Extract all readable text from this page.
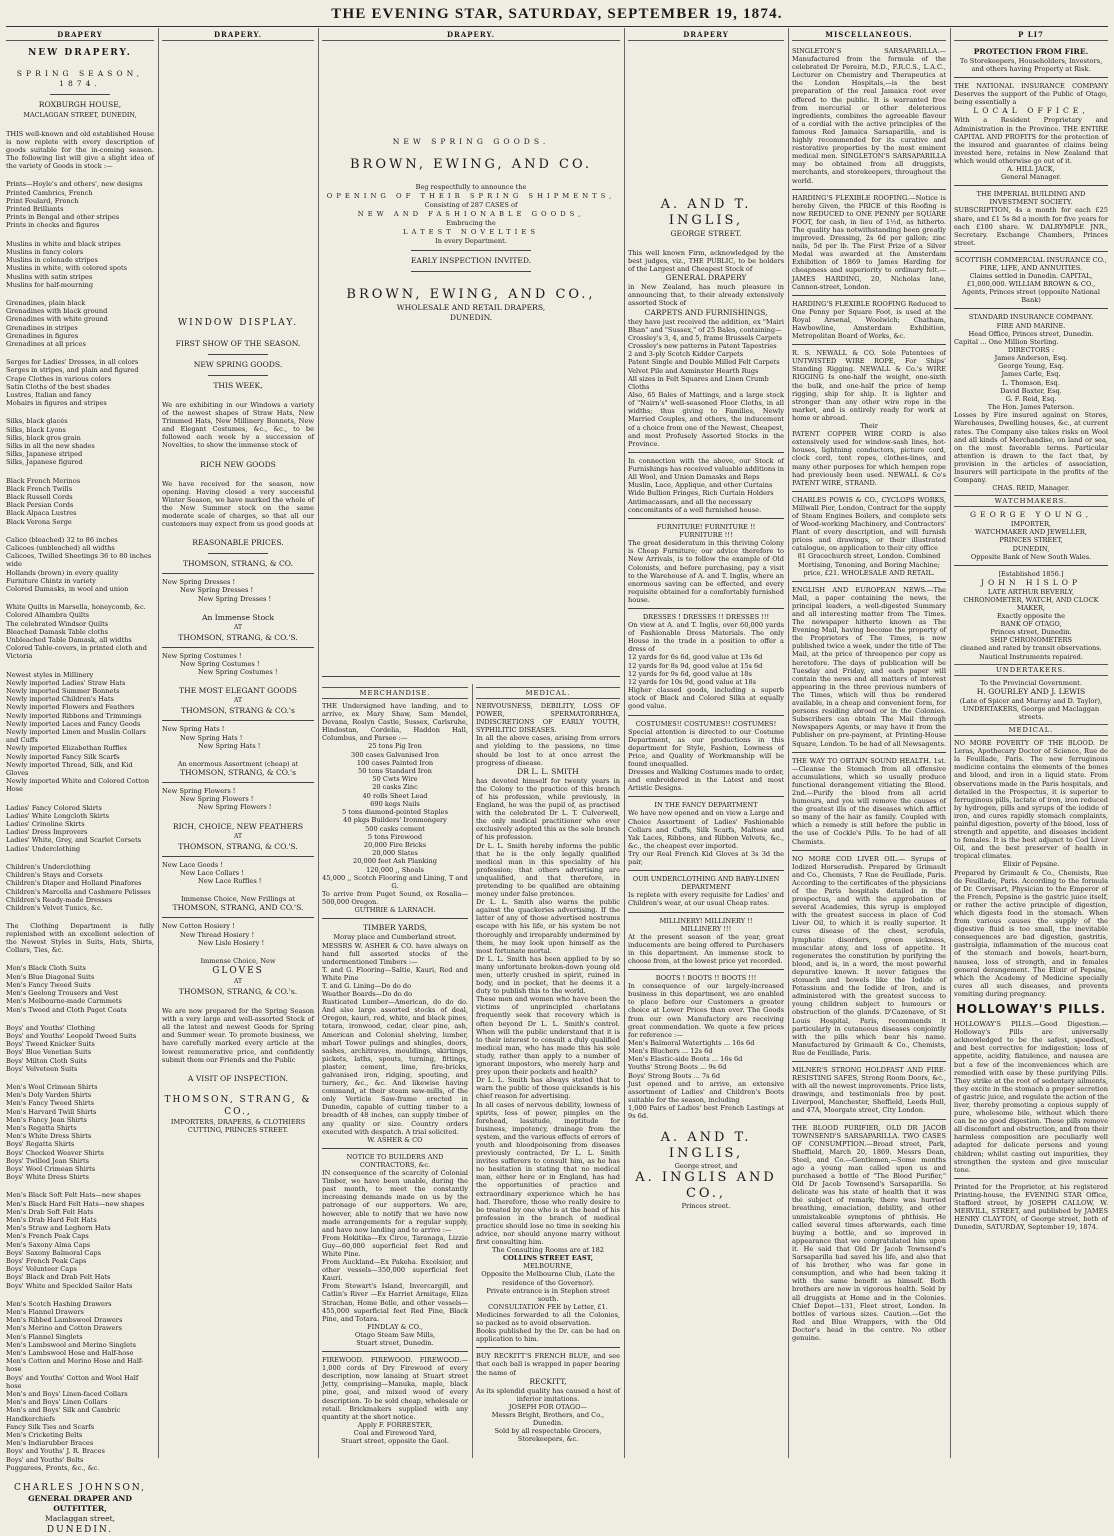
THE EVENING STAR, SATURDAY, SEPTEMBER 19, 1874.
DRAPERY
NEW DRAPERY.
SPRING SEASON, 1874.
ROXBURGH HOUSE,
MACLAGGAN STREET, DUNEDIN,
THIS well-known and old established House is now replete with every description of goods suitable for the in-coming season. The following list will give a slight idea of the variety of Goods in stock :—
Prints—Hoyle's and others', new designs
Printed Cambrics, French
Print Foulard, French
Printed Brilliants
Prints in Bengal and other stripes
Prints in checks and figures
Muslins in white and black stripes
Muslins in fancy colors
Muslins in colonade stripes
Muslins in white, with colored spots
Muslins with satin stripes
Muslins for half-mourning
Grenadines, plain black
Grenadines with black ground
Grenadines with white ground
Grenadines in stripes
Grenadines in figures
Grenadines at all prices
Serges for Ladies' Dresses, in all colors
Serges in stripes, and plain and figured
Crape Clothes in various colors
Satin Cloths of the best shades
Lustres, Italian and fancy
Mohairs in figures and stripes
Silks, black glacés
Silks, black Lyons
Silks, black gros grain
Silks in all the new shades
Silks, Japanese striped
Silks, Japanese figured
Black French Merinos
Black French Twills
Black Russell Cords
Black Persian Cords
Black Alpaca Lustres
Black Verona Serge
Calico (bleached) 32 to 86 inches
Calicoes (unbleached) all widths
Calicoes, Twilled Sheetings 36 to 80 inches wide
Hollands (brown) in every quality
Furniture Chintz in variety
Colored Damasks, in wool and union
White Quilts in Marsella, honeycomb, &c.
Colored Alhambra Quilts
The celebrated Windsor Quilts
Bleached Damask Table cloths
Unbleached Table Damask, all widths
Colored Table-covers, in printed cloth and Victoria
Newest styles in Millinery
Newly imported Ladies' Straw Hats
Newly imported Summer Bonnets
Newly imported Children's Hats
Newly imported Flowers and Feathers
Newly imported Ribbons and Trimmings
Newly imported Laces and Fancy Goods
Newly imported Linen and Muslin Collars and Cuffs
Newly imported Elizabethan Ruffles
Newly imported Fancy Silk Scarfs
Newly imported Thread, Silk, and Kid Gloves
Newly imported White and Colored Cotton Hose
Ladies' Fancy Colored Skirts
Ladies' White Longcloth Skirts
Ladies' Crinoline Skirts
Ladies' Dress Improvers
Ladies' White, Grey, and Scarlet Corsets
Ladies' Underclothing
Children's Underclothing
Children's Stays and Corsets
Children's Diaper and Holland Pinafores
Children's Marcella and Cashmere Pelisses
Children's Ready-made Dresses
Children's Velvet Tunics, &c.
The Clothing Department is fully replenished with an excellent selection of the Newest Styles in Suits, Hats, Shirts, Collars, Ties, &c.
Men's Black Cloth Suits
Men's Blue Diagonal Suits
Men's Fancy Tweed Suits
Men's Geelong Trousers and Vest
Men's Melbourne-made Carmmets
Men's Tweed and Cloth Paget Coats
Boys' and Youths' Clothing
Boys' and Youths' Leopold Tweed Suits
Boys' Tweed Knicker Suits
Boys' Blue Venetian Suits
Boys' Milton Cloth Suits
Boys' Velveteen Suits
Men's Wool Crimean Shirts
Men's Doly Varden Shirts
Men's Fancy Tweed Shirts
Men's Harvard Twill Shirts
Men's Fancy Jean Shirts
Men's Regatta Shirts
Men's White Dress Shirts
Boys' Regatta Shirts
Boys' Checked Weaver Shirts
Boys' Twilled Jean Shirts
Boys' Wool Crimean Shirts
Boys' White Dress Shirts
Men's Black Soft Felt Hats—new shapes
Men's Black Hard Felt Hats—new shapes
Men's Drab Soft Felt Hats
Men's Drab Hard Felt Hats
Men's Straw and Leghorn Hats
Men's French Peak Caps
Men's Saxony Alma Caps
Boys' Saxony Balmoral Caps
Boys' French Peak Caps
Boys' Volunteer Caps
Boys' Black and Drab Felt Hats
Boys' White and Speckled Sailor Hats
Men's Scotch Hashing Drawers
Men's Flannel Drawers
Men's Ribbed Lambswool Drawers
Men's Merino and Cotton Drawers
Men's Flannel Singlets
Men's Lambswool and Merino Singlets
Men's Lambswool Hose and Half-hose
Men's Cotton and Merino Hose and Half-hose
Boys' and Youths' Cotton and Wool Half hose
Men's and Boys' Linen-faced Collars
Men's and Boys' Linen Collars
Men's and Boys' Silk and Cambric Handkerchiefs
Fancy Silk Ties and Scarfs
Men's Cricketing Belts
Men's Indiarubber Braces
Boys' and Youths' J. R. Braces
Boys' and Youths' Belts
Puggarees, Fronts, &c., &c.
CHARLES JOHNSON,
GENERAL DRAPER AND OUTFITTER,
Maclaggan street,
DUNEDIN.
DRAPERY.
WINDOW DISPLAY.
FIRST SHOW OF THE SEASON.
NEW SPRING GOODS.
THIS WEEK,
We are exhibiting in our Windows a variety of the newest shapes of Straw Hats, New Trimmed Hats, New Millinery Bonnets, New and Elegant Costumes, &c., &c., to be followed each week by a succession of Novelties, to show the immense stock of
RICH NEW GOODS
We have received for the season, now opening. Having closed a very successful Winter Season, we have marked the whole of the New Summer stock on the same moderate scale of charges, so that all our customers may expect from us good goods at
REASONABLE PRICES.
THOMSON, STRANG, & CO.
New Spring Dresses !
New Spring Dresses !
New Spring Dresses !
An Immense Stock
AT
THOMSON, STRANG, & CO.'S.
New Spring Costumes !
New Spring Costumes !
New Spring Costumes !
THE MOST ELEGANT GOODS
AT
THOMSON, STRANG & CO.'s
New Spring Hats !
New Spring Hats !
New Spring Hats !
An enormous Assortment (cheap) at
THOMSON, STRANG, & CO.'s
New Spring Flowers !
New Spring Flowers !
New Spring Flowers !
RICH, CHOICE, NEW FEATHERS
AT
THOMSON, STRANG, & CO.'S.
New Lace Goods !
New Lace Collars !
New Lace Ruffles !
Immense Choice, New Frillings at
THOMSON, STRANG, AND CO.'S.
New Cotton Hosiery !
New Thread Hosiery !
New Lisle Hosiery !
Immense Choice, New
GLOVES
AT
THOMSON, STRANG, & CO.'s.
We are now prepared for the Spring Season with a very large and well-assorted Stock of all the latest and newest Goods for Spring and Summer wear. To promote business, we have carefully marked every article at the lowest remunerative price, and confidently submit them our Friends and the Public
A VISIT OF INSPECTION.
THOMSON, STRANG, & CO.,
IMPORTERS, DRAPERS, & CLOTHIERS
CUTTING, PRINCES STREET.
DRAPERY.
NEW SPRING GOODS.
BROWN, EWING, AND CO.
Beg respectfully to announce the
OPENING OF THEIR SPRING SHIPMENTS,
Consisting of 287 CASES of
NEW AND FASHIONABLE GOODS,
Embracing the
LATEST NOVELTIES
In every Department.
EARLY INSPECTION INVITED.
BROWN, EWING, AND CO.,
WHOLESALE AND RETAIL DRAPERS,
DUNEDIN.
MERCHANDISE.
THE Undersigned have landing, and to arrive, ex Mary Shaw, Sam Mendel, Devana, Roslyn Castle, Sussex, Carlsruhe, Hindostan, Cordelia, Haddon Hall, Columbus, and Parsee :—
25 tons Pig Iron
300 cases Galvanised Iron
100 cases Painted Iron
50 tons Standard Iron
50 Cwts Wire
20 casks Zinc
40 rolls Sheet Lead
690 kegs Nails
5 tons diamond-pointed Staples
40 pkgs Builders' Ironmongery
500 casks cement
5 tons Firewood
20,000 Fire Bricks
20,000 Slates
20,000 feet Ash Planking
120,000 ,, Shoals
45,000 ,, Scotch Flooring and Lining, T and G.
To arrive from Puget Sound, ex Rosalia—500,000 Oregon.
GUTHRIE & LARNACH.
TIMBER YARDS,
Moray place and Cumberland street.
MESSRS W. ASHER & CO. have always on hand full assorted stocks of the undermentioned Timbers :—
T. and G. Flooring—Saltie, Kauri, Red and White Pine
T. and G. Lining—Do do do
Weather Boards—Do do do
Rusticated Lumber—American, do do do. And also large assorted stocks of deal, Oregon, kauri, red, white, and black pines, totara, ironwood, cedar, clear pine, ash, American and Colonial shelving, lumber, mbarl Tower pulings and shingles, doors, sashes, architraves, mouldings, skirtings, pickets, laths, spouts, turning, fittings, plaster, cement, lime, fire-bricks, galvanised iron, ridging, spouting, and turnery, &c., &c. And likewise having command, at their steam saw-mills, of the only Verticle Saw-frame erected in Dunedin, capable of cutting timber to a breadth of 48 inches, can supply timber of any quality or size. Country orders executed with despatch. A trial solicited.
W. ASHER & CO
NOTICE TO BUILDERS AND CONTRACTORS, &c.
IN consequence of the scarcity of Colonial Timber, we have been unable, during the past month, to meet the constantly increasing demands made on us by the patronage of our supporters. We are, however, able to notify that we have now made arrangements for a regular supply, and have now landing and to arrive :—
From Hokitika—Ex Circe, Taranaga, Lizzie Guy—60,000 superficial feet Red and White Pine.
From Auckland—Ex Pakeha. Excelsior, and other vessels—350,000 superficial feet Kauri.
From Stewart's Island, Invercargill, and Catlin's River —Ex Harriet Armitage, Eliza Strachan, Home Belle, and other vessels—455,000 superficial feet Red Pine, Black Pine, and Totara.
FINDLAY & CO.,
Otago Steam Saw Mills,
Stuart street, Dunedin.
FIREWOOD. FIREWOOD. FIREWOOD.—1,000 cords of Dry Firewood of every description, now lanaing at Stuart street Jetty, comprising—Manuka, maple, black pine, goai, and mixed wood of every description. To be sold cheap, wholesale or retail. Brickmakers supplied with any quantity at the short notice.
Apply F. FORRESTER,
Coal and Firewood Yard,
Stuart street, opposite the Gaol.
MEDICAL.
NERVOUSNESS, DEBILITY, LOSS OF POWER, SPERMATORRHŒA, INDISCRETIONS OF EARLY YOUTH, SYPHILITIC DISEASES.
In all the above cases, arising from errors and yielding to the passions, no time should be lost to at once arrest the progress of disease.
DR L. L. SMITH
has devoted himself for twenty years in the Colony to the practice of this branch of his profession, while previously, in England, he was the pupil of, as practised with the celebrated Dr L. T. Culverwell, the only medical practitioner who ever exclusively adopted this as the sole branch of his profession.
Dr L. L. Smith hereby informs the public that he is the only legally qualified medical man in this speciality of his profession; that others advertising are unqualified, and that therefore, in pretending to be qualified are obtaining money under false pretences.
Dr L. L. Smith also warns the public against the quackeries advertising. If the latter of any of those advertised nostrums escape with his life, or his system be not thoroughly and irreparably undermined by them, he may look upon himself as the most fortunate mortal.
Dr L. L. Smith has been applied to by so many unfortunate broken-down young old men, utterly crushed in spirit, ruined in body, and in pocket, that he deems it a duty to publish this to the world.
These men and women who have been the victims of unprincipled charlatans frequently seek that recovery which is often beyond Dr L. L. Smith's control. When will the public understand that it is to their interest to consult a duly qualified medical man, who has made this his sole study, rather than apply to a number of ignorant impostors, who merely harp and prey upon their pockets and health?
Dr L. L. Smith has always stated that to warn the public of those quicksands is his chief reason for advertising.
In all cases of nervous debility, lowness of spirits, loss of power, pimples on the forehead, lassitude, ineptitude for business, impotency, drainage from the system, and the various effects of errors of youth and bloodpoisoning from diseases previously contracted, Dr L. L. Smith invites sufferers to consult him, as he has no hesitation in stating that no medical man, either here or in England, has had the opportunities of practice and extraordinary experience which he has had. Therefore, those who really desire to be treated by one who is at the head of his profession in the branch of medical practice should lose no time in seeking his advice, nor should anyone marry without first consulting him.
The Consulting Rooms are at 182
COLLINS STREET EAST,
MELBOURNE,
Opposite the Melbourne Club, (Late the residence of the Governor).
Private entrance is in Stephen street south.
CONSULTATION FEE by Letter, £1.
Medicines forwarded to all the Colonies, so packed as to avoid observation.
Books published by the Dr. can be had on application to him.
BUY RECKITT'S FRENCH BLUE, and see that each ball is wrapped in paper bearing the name of
RECKITT,
As its splendid quality has caused a host of inferior imitations.
JOSEPH FOR OTAGO—
Messrs Bright, Brothers, and Co., Dunedin.
Sold by all respectable Grocers, Storekeepers, &c.
DRAPERY
A. AND T. INGLIS,
GEORGE STREET.
This well known Firm, acknowledged by the best judges, viz., THE PUBLIC, to be holders of the Largest and Cheapest Stock of
GENERAL DRAPERY
in New Zealand, has much pleasure in announcing that, to their already extensively assorted Stock of
CARPETS AND FURNISHINGS,
they have just received the addition, ex "Mairi Bhan" and "Sussex," of 25 Bales, containing—
Crossley's 3, 4, and 5, frame Brussels Carpets
Crossley's new patterns in Patent Tapestries
2 and 3-ply Scotch Kidder Carpets
Patent Single and Double Milled Felt Carpets
Velvet Pile and Axminster Hearth Rugs
All sizes in Felt Squares and Linen Crumb Cloths
Also, 65 Bales of Mattings, and a large stock of "Nairn's" well-seasoned Floor Cloths, in all widths; thus giving to Families, Newly Married Couples, and others, the inducement of a choice from one of the Newest, Cheapest, and most Profusely Assorted Stocks in the Province.
In connection with the above, our Stock of Furnishings has received valuable additions in
All Wool, and Union Damasks and Reps
Muslin, Lace, Applique, and other Curtains
Wide Bullion Fringes, Rich Curtain Holders
Antimacassars, and all the necessary concomitants of a well furnished house.
FURNITURE! FURNITURE !!
FURNITURE !!!
The great desideratum in this thriving Colony is Cheap Furniture; our advice therefore to New Arrivals, is to follow the example of Old Colonists, and before purchasing, pay a visit to the Warehouse of A. and T. Inglis, where an enormous saving can be effected, and every requisite obtained for a comfortably furnished house.
DRESSES ! DRESSES !! DRESSES !!!
On view at A. and T. Inglis, over 60,000 yards of Fashionable Dress Materials. The only House in the trade in a position to offer a dress of
12 yards for 6s 6d, good value at 13s 6d
12 yards for 8s 9d, good value at 15s 6d
12 yards for 9s 6d, good value at 18s
12 yards for 10s 9d, good value at 18s
Higher classed goods, including a superb stock of Black and Colored Silks at equally good value.
COSTUMES!! COSTUMES!! COSTUMES!
Special attention is directed to our Costume Department, as our productions in this department for Style, Fashion, Lowness of Price, and Quality of Workmanship will be found unequalled.
Dresses and Walking Costumes made to order, and embroidered in the Latest and most Artistic Designs.
IN THE FANCY DEPARTMENT
We have now opened and on view a Large and Choice Assortment of Ladies' Fashionable Collars and Cuffs, Silk Scarfs, Maltese and Yak Laces, Ribbons, and Ribbon Velvets, &c., &c., the cheapest ever imported.
Try our Real French Kid Gloves at 3s 3d the pair,
OUR UNDERCLOTHING AND BABY-LINEN DEPARTMENT
Is replete with every requisite for Ladies' and Children's wear, at our usual Cheap rates.
MILLINERY! MILLINERY !!
MILLINERY !!!
At the present season of the year, great inducements are being offered to Purchasers in this department. An immense stock to choose from, at the lowest price yet recorded.
BOOTS ! BOOTS !! BOOTS !!!
In consequence of our largely-increased business in this department, we are enabled to place before our Customers a greater choice at Lower Prices than ever. The Goods from our own Manufactory are receiving great commendation. We quote a few prices for reference :—
Men's Balmoral Watertights ... 16s 6d
Men's Bluchers ... 12s 6d
Men's Elastic-side Boots ... 16s 6d
Youths' Strong Boots ... 9s 6d
Boys' Strong Boots ... 7s 6d
Just opened and to arrive, an extensive assortment of Ladies' and Children's Boots suitable for the season, including
1,000 Pairs of Ladies' best French Lastings at 9s 6d.
A. AND T. INGLIS,
George street, and
A. INGLIS AND CO.,
Princes street.
MISCELLANEOUS.
SINGLETON'S SARSAPARILLA.—Manufactured from the formula of the celebrated Dr Pereira, M.D., F.R.C.S., L.A.C., Lecturer on Chemistry and Therapeutics at the London Hospitals,—is the best preparation of the real Jamaica root ever offered to the public. It is warranted free from mercurial or other deleterious ingredients, combines the agreeable flavour of a cordial with the active principles of the famous Red Jamaica Sarsaparilla, and is highly recommended for its curative and restorative properties by the most eminent medical men. SINGLETON'S SARSAPARILLA may be obtained from all druggists, merchants, and storekeepers, throughout the world.
HARDING'S FLEXIBLE ROOFING.—Notice is hereby Given, the PRICE of this Roofing is now REDUCED to ONE PENNY per SQUARE FOOT, for cash, in lieu of 1½d, as hitherto. The quality has notwithstanding been greatly improved. Dressing, 2s 6d per gallon; zinc nails, 5d per lb. The First Prize of a Silver Medal was awarded at the Amsterdam Exhibition of 1869 to James Harding for cheapness and superiority to ordinary felt.—JAMES HARDING, 20, Nicholas lane, Cannon-street, London.
HARDING'S FLEXIBLE ROOFING Reduced to One Penny per Square Foot, is used at the Royal Arsenal, Woolwich; Chatham, Hawbowline, Amsterdam Exhibition, Metropolitan Board of Works, &c.
R. S. NEWALL & CO. Sole Patentees of UNTWISTED WIRE ROPE, For Ships' Standing Rigging. NEWALL & Co.'s WIRE RIGGING Is one-half the weight, one-sixth the bulk, and one-half the price of hemp rigging, ship for ship. It is lighter and stronger than any other wire rope in the market, and is entirely ready for work at home or abroad.
Their
PATENT COPPER WIRE CORD is also extensively used for window-sash lines, hot-houses, lightning conductors, picture cord, clock cord, tent ropes, clothes-lines, and many other purposes for which hempen rope had previously been used. NEWALL & Co's PATENT WIRE, STRAND.
CHARLES POWIS & CO., CYCLOPS WORKS, Millwall Pier, London, Contract for the supply of Steam Engines Boilers, and complete sets of Wood-working Machinery, and Contractors' Plant of every description, and will furnish prices and drawings, or their illustrated catalogue, on application to their city office
81 Gracechurch street, London. Combined Mortising, Tenoning, and Boring Machine; price, £21. WHOLESALE AND RETAIL.
ENGLISH AND EUROPEAN NEWS.—The Mail, a paper containing the news, the principal leaders, a well-digested Summary and all interesting matter from The Times. The newspaper hitherto known as The Evening Mail, having become the property of the Proprietors of The Times, is now published twice a week, under the title of The Mail, at the price of threepence per copy as heretofore. The days of publication will be Tuesday and Friday, and each paper will contain the news and all matters of interest appearing in the three previous numbers of The Times, which will thus be rendered available, in a cheap and convenient form, for persons residing abroad or in the Colonies. Subscribers can obtain The Mail through Newspapers Agents, or may have it from the Publisher on pre-payment, at Printing-House Square, London. To be had of all Newsagents.
THE WAY TO OBTAIN SOUND HEALTH. 1st.—Cleanse the Stomach from all offensive accumulations, which so usually produce functional derangement vitiating the Blood. 2nd.—Purify the blood from all acrid humours, and you will remove the causes of the greatest ills of the diseases which afflict so many of the hair as family. Coupled with which a remedy is still before the public in the use of Cockle's Pills. To be had of all Chemists.
NO MORE COD LIVER OIL.— Syrups of Iodized Horseradish. Prepared by Grimault and Co., Chemists, 7 Rue de Feuillade, Paris. According to the certificates of the physicians of the Paris hospitals detailed in the prospectus, and with the approbation of several Academies, this syrup is employed with the greatest success in place of Cod Liver Oil, to which it is really superior. It cures disease of the chest, scrofula, lymphatic disorders, green sickness, muscular atony, and loss of appetite. It regenerates the constitution by purifying the blood, and is, in a word, the most powerful depurative known. It never fatigues the stomach and bowels like the Iodide of Potassium and the Iodide of Iron, and is administered with the greatest success to young children subject to humours or obstruction of the glands. D'Cazenave, of St Louis Hospital, Paris, recommends it particularly in cutaneous diseases conjointly with the pills which bear his name. Manufactured by Grimault & Co., Chemists, Rue de Feuillade, Paris.
MILNER'S STRONG HOLDFAST AND FIRE-RESISTING SAFES, Strong Room Doors, &c., with all the newest improvements. Price lists, drawings, and testimonials free by post. Liverpool, Manchester, Sheffield, Leeds Hull, and 47A, Moorgate street, City London.
THE BLOOD PURIFIER, OLD DR JACOB TOWNSEND'S SARSAPARILLA. TWO CASES OF CONSUMPTION.—Broad street, Park, Sheffield, March 20, 1869. Messrs Dean, Steel, and Co.—Gentlemen,—Some months ago a young man called upon us and purchased a bottle of "The Blood Purifier," Old Dr Jacob Townsend's Sarsaparilla. So delicate was his state of health that it was the subject of remark; there was hurried breathing, emaciation, debility, and other unmistakeable symptoms of phthisis. He called several times afterwards, each time buying a bottle, and so improved in appearance that we congratulated him upon it. He said that Old Dr Jacob Townsend's Sarsaparilla had saved his life, and also that of his brother, who was far gone in consumption, and who had been taking it with the same benefit as himself. Both brothers are now in vigorous health. Sold by all druggists at Home and in the Colonies. Chief Depot—131, Fleet street, London. In bottles of various sizes. Caution.—Get the Red and Blue Wrappers, with the Old Doctor's head in the centre. No other genuine.
P LI7
PROTECTION FROM FIRE.
To Storekeepers, Householders, Investors, and others having Property at Risk.
THE NATIONAL INSURANCE COMPANY Deserves the support of the Public of Otago, being essentially a
LOCAL OFFICE,
With a Resident Proprietary and Administration in the Province. THE ENTIRE CAPITAL AND PROFITS for the protection of the insured and guarantee of claims being invested here, retains in New Zealand that which would otherwise go out of it.
A. HILL JACK,
General Manager.
THE IMPERIAL BUILDING AND INVESTMENT SOCIETY.
SUBSCRIPTION, 4s a month for each £25 share, and £1 5s 8d a month for five years for each £100 share. W. DALRYMPLE JNR., Secretary. Exchange Chambers, Princes street.
SCOTTISH COMMERCIAL INSURANCE CO.,
FIRE, LIFE, AND ANNUITIES.
Claims settled in Dunedin. CAPITAL, £1,000,000. WILLIAM BROWN & CO., Agents, Princes street (opposite National Bank)
STANDARD INSURANCE COMPANY.
FIRE AND MARINE.
Head Office, Princes street, Dunedin.
Capital ... One Million Sterling.
DIRECTORS :
James Anderson, Esq.
George Young, Esq.
James Carle, Esq.
L. Thomson, Esq.
David Baxter, Esq.
G. F. Reid, Esq.
The Hon. James Paterson.
Losses by Fire insured against on Stores, Warehouses, Dwelling houses, &c., at current rates. The Company also takes risks on Wool and all kinds of Merchandise, on land or sea, on the most favorable terms. Particular attention is drawn to the fact that, by provision in the articles of association, Insurers will participate in the profits of the Company.
CHAS. REID, Manager.
WATCHMAKERS.
GEORGE YOUNG,
IMPORTER,
WATCHMAKER AND JEWELLER,
PRINCES STREET,
DUNEDIN,
Opposite Bank of New South Wales.
[Established 1856.]
JOHN HISLOP
LATE ARTHUR BEVERLY,
CHRONOMETER, WATCH, AND CLOCK MAKER,
Exactly opposite the
BANK OF OTAGO,
Princes street, Dunedin.
SHIP CHRONOMETERS
cleaned and rated by transit observations. Nautical Instruments repaired.
UNDERTAKERS.
To the Provincial Government.
H. GOURLEY AND J. LEWIS
(Late of Spicer and Murray and D. Taylor), UNDERTAKERS, George and Maclaggan streets.
MEDICAL.
NO MORE POVERTY OF THE BLOOD. Dr Leras, Apothecary Doctor of Science, Rue de la Feuillade, Paris. The new ferruginous medicine contains the elements of the bones and blood, and iron in a liquid state. From observations made in the Paris hospitals, and detailed in the Prospectus, it is superior to ferruginous pills, lactate of iron, iron reduced by hydrogen, pills and syrups of the iodide of iron, and cures rapidly stomach complaints, painful digestion, poverty of the blood, loss of strength and appetite, and diseases incident to females. It is the best adjunct to Cod Liver Oil, and the best preserver of health in tropical climates.
Elixir of Pepsine.
Prepared by Grimault & Co., Chemists, Rue de Feuillade, Paris. According to the formula of Dr. Corvisart, Physician to the Emperor of the French, Pepsine is the gastric juice itself, or rather the active principle of digestion, which digests food in the stomach. When from various causes the supply of the digestive fluid is too small, the inevitable consequences are bad digestion, gastritis, gastralgia, inflammation of the mucous coat of the stomach and bowels, heart-burn, nausea, loss of strength, and in females general derangement. The Elixir of Pepsine, which the Academy of Medicine specially cures all such diseases, and prevents vomiting during pregnancy.
HOLLOWAY'S PILLS.
HOLLOWAY'S PILLS.—Good Digestion.—Holloway's Pills are universally acknowledged to be the safest, speediest, and best corrective for indigestion; loss of appetite, acidity, flatulence, and nausea are but a few of the inconveniences which are remedied with ease by these purifying Pills. They strike at the root of sedentary ailments, they excite in the stomach a proper secretion of gastric juice, and regulate the action of the liver, thereby promoting a copious supply of pure, wholesome bile, without which there can be no good digestion. These pills remove all discomfort and obstruction, and from their harmless composition are peculiarly well adapted for delicate persons and young children; whilst casting out impurities, they strengthen the system and give muscular tone.
Printed for the Proprietor, at his registered Printing-house, the EVENING STAR Office, Stafford street, by JOSEPH CALLOW, W. MERVILL, STREET, and published by JAMES HENRY CLAYTON, of George street, both of Dunedin, SATURDAY, September 19, 1874.
